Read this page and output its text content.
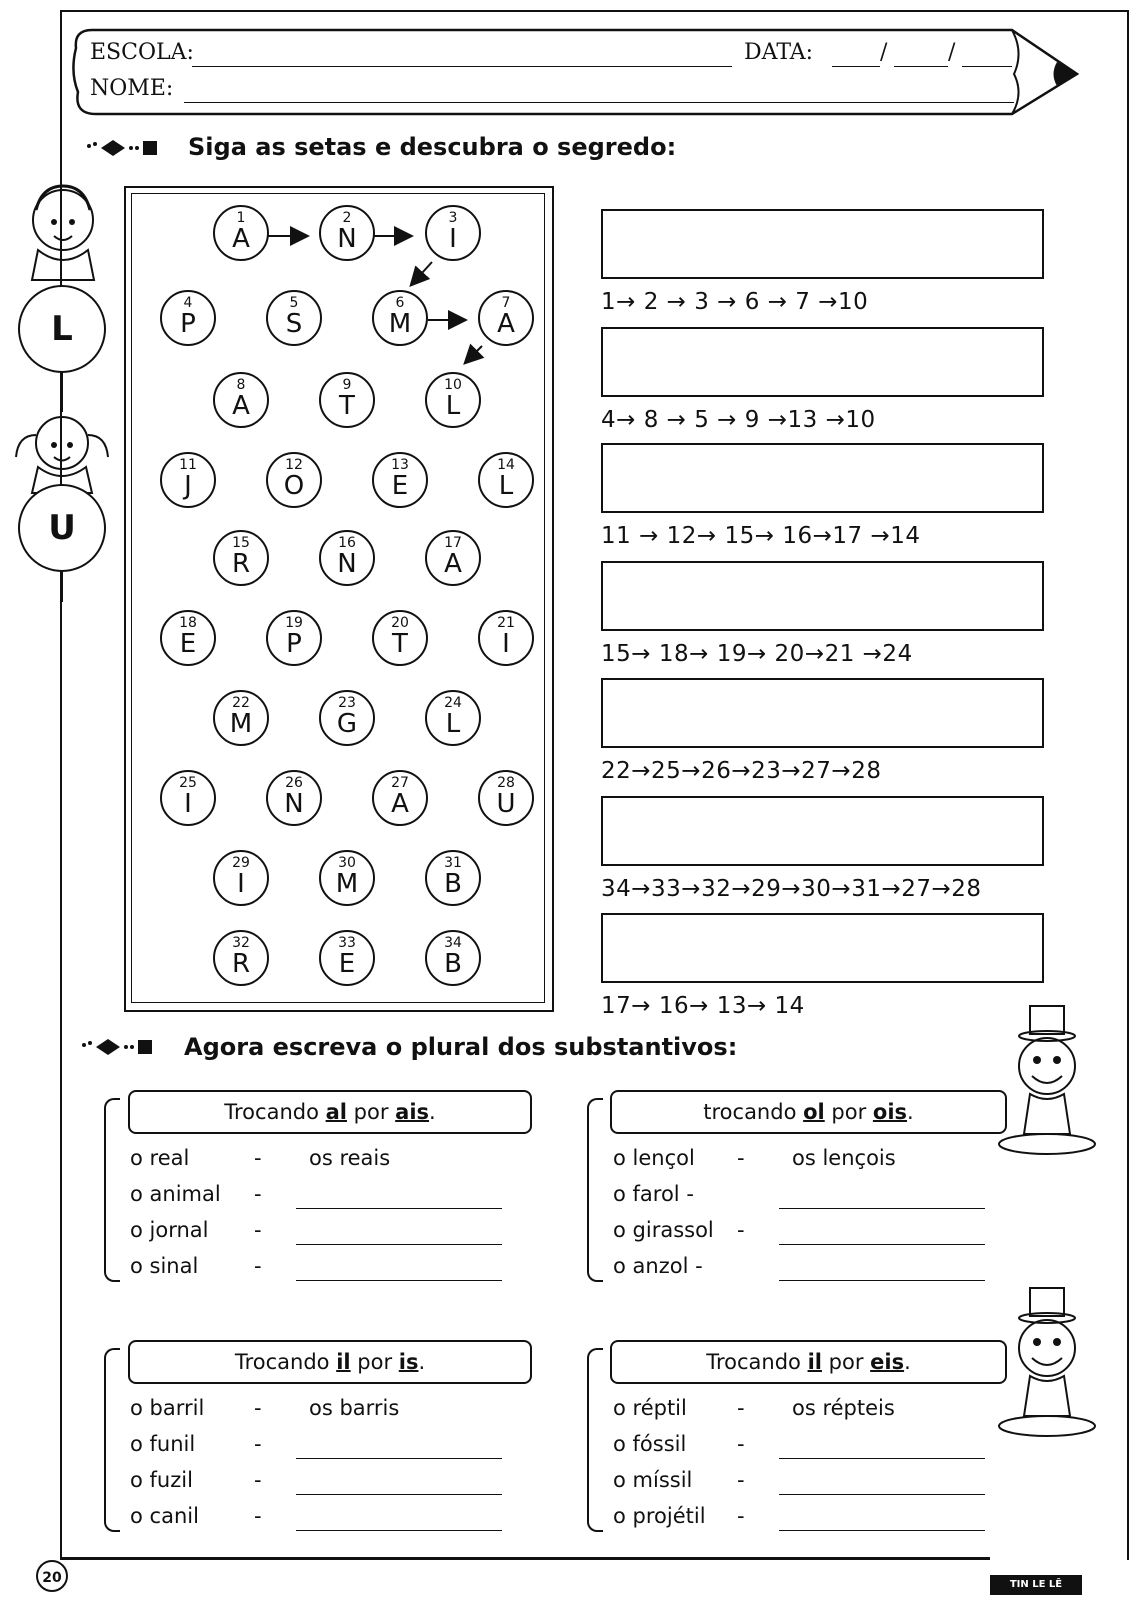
ESCOLA:	DATA:	/	/
NOME:
L
U
Siga as setas e descubra o segredo:
1
A
2
N
3
I
4
P
5
S
6
M
7
A
8
A
9
T
10
L
11
J
12
O
13
E
14
L
15
R
16
N
17
A
18
E
19
P
20
T
21
I
22
M
23
G
24
L
25
I
26
N
27
A
28
U
29
I
30
M
31
B
32
R
33
E
34
B
1→ 2 → 3 → 6 → 7 →10
4→ 8 → 5 → 9 →13 →10
11 → 12→ 15→ 16→17 →14
15→ 18→ 19→ 20→21 →24
22→25→26→23→27→28
34→33→32→29→30→31→27→28
17→ 16→ 13→ 14
Agora escreva o plural dos substantivos:
Trocando al por ais.
o real	- os reais
o animal -
o jornal -
o sinal	-
trocando ol por ois.
o lençol - os lençois
o farol -
o girassol -
o anzol -
Trocando il por is.
o barril - os barris
o funil	-
o fuzil	-
o canil	-
Trocando il por eis.
o réptil - os répteis
o fóssil -
o míssil -
o projétil -
20	TIN LE LÊ
